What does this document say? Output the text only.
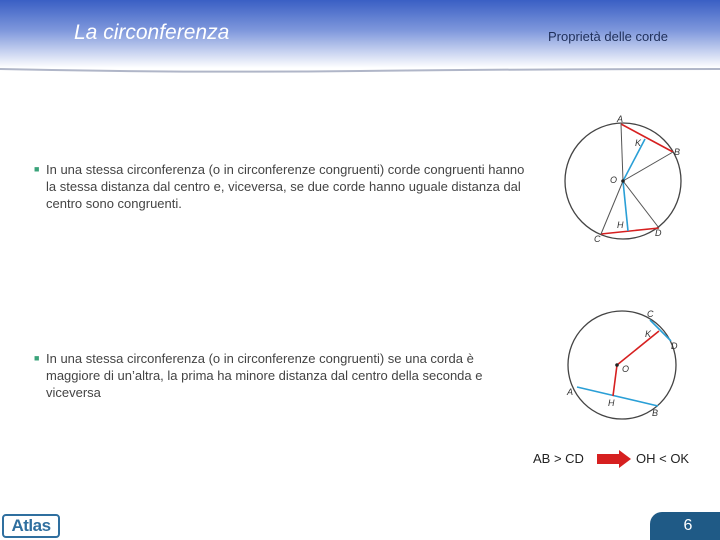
La circonferenza	Proprietà delle corde
■ In una stessa circonferenza (o in circonferenze congruenti) corde congruenti hanno la stessa distanza dal centro e, viceversa, se due corde hanno uguale distanza dal centro sono congruenti.
■ In una stessa circonferenza (o in circonferenze congruenti) se una corda è maggiore di un’altra, la prima ha minore distanza dal centro della seconda e viceversa
A
B
C
D
K
H
O
C
D
K
O
A
H
B
AB > CD	OH < OK
Atlas	6
